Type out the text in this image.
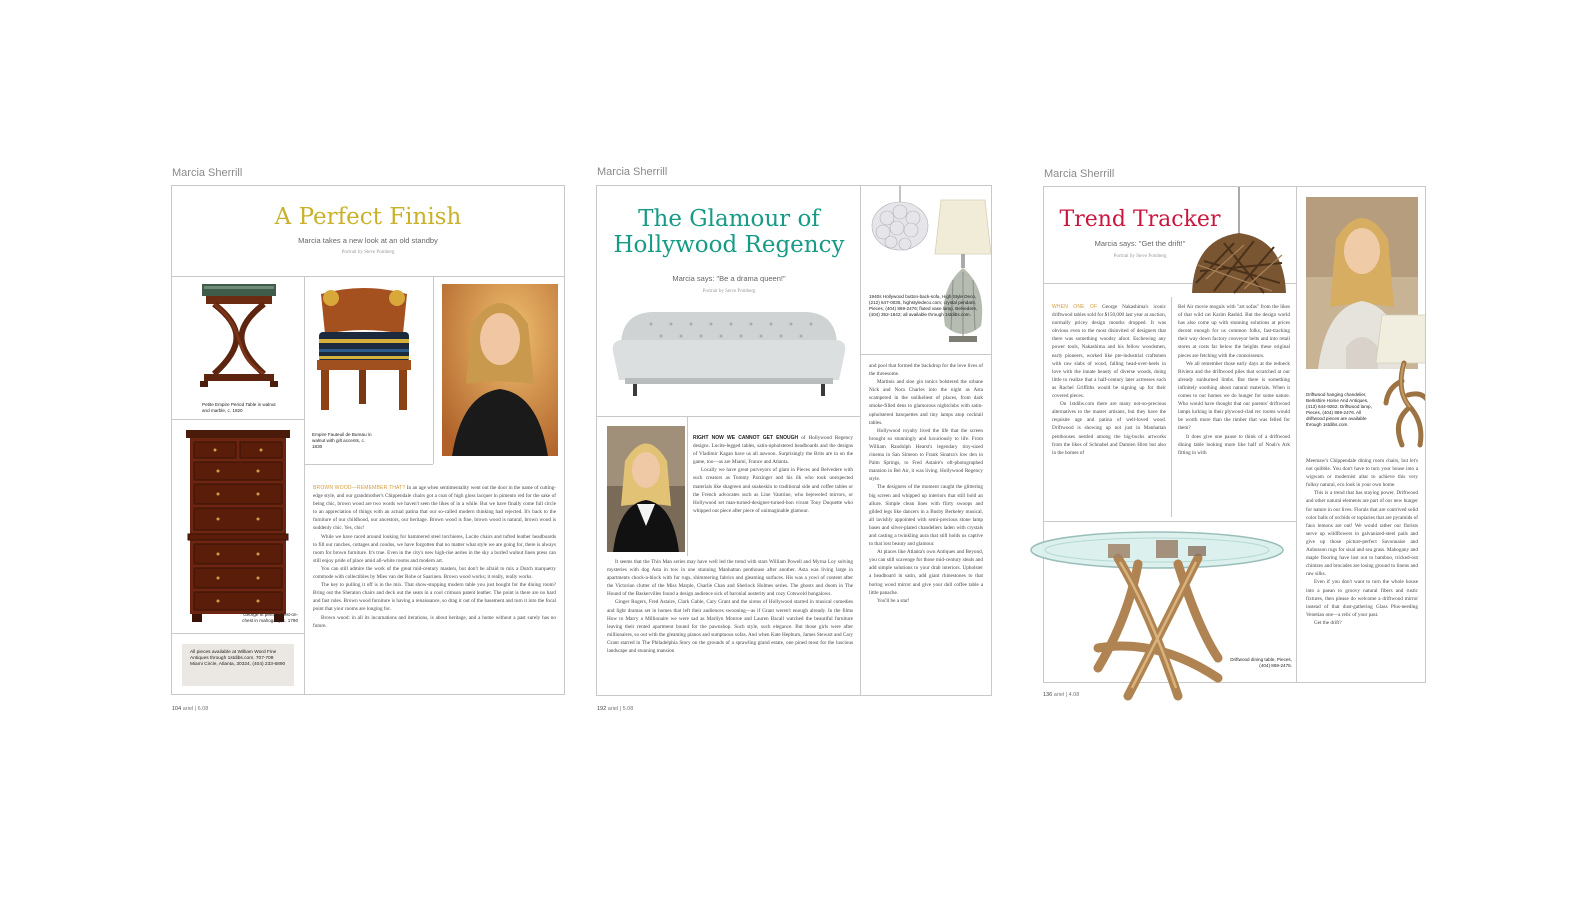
Marcia Sherrill
A Perfect Finish
Marcia takes a new look at an old standby
Portrait by Steve Pomberg
Petite Empire Period Table in walnut and marble, c. 1820
Empire Fauteuil de Bureau in walnut with gilt accents, c. 1830
George III period chest-on-chest in mahogany, c. 1790
All pieces available at William Word Fine Antiques through 1stdibs.com. 707-709 Miami Circle, Atlanta, 30324, (404) 233-6890

BROWN WOOD—REMEMBER THAT? In an age when sentimentality went out the door in the name of cutting-edge style, and our grandmother's Chippendale chairs got a coat of high gloss lacquer in pimento red for the sake of being chic, brown wood are two words we haven't seen the likes of in a while. But we have finally come full circle to an appreciation of things with an actual patina that our so-called modern thinking had rejected. It's back to the furniture of our childhood, our ancestors, our heritage. Brown wood is fine, brown wood is natural, brown wood is suddenly chic. Yes, chic!

While we have raced around looking for hammered steel torchieres, Lucite chairs and tufted leather headboards to fill our ranches, cottages and condos, we have forgotten that no matter what style we are going for, there is always room for brown furniture. It's true. Even in the city's new high-rise aeries in the sky a burled walnut linen press can still enjoy pride of place amid all-white rooms and modern art.

You can still admire the work of the great mid-century masters, but don't be afraid to mix a Dutch marquetry commode with collectibles by Mies van der Rohe or Saarinen. Brown wood works; it really, really works.

The key to pulling it off is in the mix. That show-stopping modern table you just bought for the dining room? Bring out the Sheraton chairs and deck out the seats in a cool crimson patent leather. The point is there are no hard and fast rules. Brown wood furniture is having a renaissance, so drag it out of the basement and turn it into the focal point that your rooms are longing for.

Brown wood: in all its incarnations and iterations, is about heritage, and a home without a past surely has no future.

104 ariel | 6.08
Marcia Sherrill
The Glamour of
Hollywood Regency
Marcia says: "Be a drama queen!"
Portrait by Steve Pomberg
1940s Hollywood button-back-sofa, High Style Deco, (212) 647-0035, highstyledeco.com; crystal pendant, Pieces, (404) 869-2476; fluted vase lamp, Belvedere, (404) 352-1842; all available through 1stdibs.com.

RIGHT NOW WE CANNOT GET ENOUGH of Hollywood Regency designs. Lucite-legged tables, satin-upholstered headboards and the designs of Vladimir Kagan have us all aswoon. Surprisingly the Brits are in on the game, too—as are Miami, France and Atlanta.

Locally we have great purveyors of glam in Pieces and Belvedere with such creators as Tommy Parzinger and his ilk who took unexpected materials like shagreen and snakeskin to traditional side and coffee tables or the French advocates such as Line Vautrine, who bejeweled mirrors, or Hollywood set man-turned-designer-turned-bon vivant Tony Duquette who whipped out piece after piece of unimaginable glamour.

It seems that the Thin Man series may have well led the trend with stars William Powell and Myrna Loy solving mysteries with dog Asta in tow in one stunning Manhattan penthouse after another. Asta was living large in apartments chock-a-block with fur rugs, shimmering fabrics and gleaming surfaces. His was a yowl of content after the Victorian clutter of the Miss Marple, Charlie Chan and Sherlock Holmes series. The ghosts and doom in The Hound of the Baskervilles found a design audience sick of baronial austerity and cozy Cotswold bungalows.

Ginger Rogers, Fred Astaire, Clark Gable, Cary Grant and the sirens of Hollywood starred in musical comedies and light dramas set in homes that left their audiences swooning—as if Grant weren't enough already. In the films How to Marry a Millionaire we were sad as Marilyn Monroe and Lauren Bacall watched the beautiful furniture leaving their rented apartment bound for the pawnshop. Such style, such elegance. But those girls were after millionaires, so out with the gleaming pianos and sumptuous sofas. And when Kate Hepburn, James Stewart and Cary Grant starred in The Philadelphia Story on the grounds of a sprawling grand estate, one pined most for the luscious landscape and stunning mansion

and pool that formed the backdrop for the love lives of the threesome.

Martinis and sloe gin tonics bolstered the urbane Nick and Nora Charles into the night as Asta scampered in the unlikeliest of places, from dark smoke-filled dens to glamorous nightclubs with satin-upholstered banquettes and tiny lamps atop cocktail tables.

Hollywood royalty lived the life that the screen brought so stunningly and luxuriously to life. From William Randolph Hearst's legendary tiny-sized cinema in San Simeon to Frank Sinatra's low den in Palm Springs, to Fred Astaire's oft-photographed mansion in Bel Air, it was living. Hollywood Regency style.

The designers of the moment caught the glittering big screen and whipped up interiors that still hold an allure. Simple clean lines with flirty swoops and gilded legs like dancers in a Busby Berkeley musical, all lavishly appointed with semi-precious stone lamp bases and silver-plated chandeliers laden with crystals and casting a twinkling aura that still holds us captive to that lost beauty and glamour.

At places like Atlanta's own Antiques and Beyond, you can still scavenge for those mid-century steals and add simple solutions to your drab interiors. Upholster a headboard in satin, add giant rhinestones to that boring wood mirror and give your dull coffee table a little panache.

You'll be a star!

192 ariel | 5.08
Marcia Sherrill
Trend Tracker
Marcia says: "Get the drift!"
Portrait by Steve Pomberg
Driftwood hanging chandelier, Berkshire Home And Antiques, (413) 644-9262. Driftwood lamp, Pieces, (404) 869-2476. All driftwood pieces are available through 1stdibs.com.

WHEN ONE OF George Nakashima's iconic driftwood tables sold for $150,000 last year at auction, normally pricey design mouths dropped. It was obvious even to the most disinvited of designers that there was something woodsy afoot. Eschewing any power tools, Nakashima and his fellow woodsmen, early pioneers, worked like pre-industrial craftsmen with raw slabs of wood, falling head-over-heels in love with the innate beauty of diverse woods, doing little to realize that a half-century later actresses such as Rachel Griffiths would be signing up for their covered pieces.

On 1stdibs.com there are many not-so-precious alternatives to the master artisans, but they have the requisite age and patina of well-loved wood. Driftwood is showing up not just in Manhattan penthouses nestled among the big-bucks artworks from the likes of Schnabel and Damien Hirst but also in the homes of

Bel Air movie moguls with "art sofas" from the likes of that wild cat Karim Rashid. But the design world has also come up with stunning solutions at prices decent enough for us common folks, fast-tracking their way down factory conveyor belts and into retail stores at costs far below the heights these original pieces are fetching with the connoisseurs.

We all remember those early days at the redneck Riviera and the driftwood piles that scratched at our already sunburned limbs. But there is something infinitely soothing about natural materials. When it comes to our homes we do hunger for some nature. Who would have thought that our parents' driftwood lamps lurking in their plywood-clad rec rooms would be worth more than the timber that was felled for them?

It does give one pause to think of a driftwood dining table looking more like half of Noah's Ark fitting in with

Meemaw's Chippendale dining room chairs, but let's not quibble. You don't have to turn your house into a wigwam or modernist altar to achieve this very folksy natural, eco look in your own home.

This is a trend that has staying power. Driftwood and other natural elements are part of our new hunger for nature in our lives. Florals that are contrived solid color balls of orchids or topiaries that are pyramids of faux lemons are out! We would rather our florists serve up wildflowers in galvanized-steel pails and give up those picture-perfect Savonnaise and Aubusson rugs for sisal and sea grass. Mahogany and maple flooring have lost out to bamboo, tricked-out chintzes and brocades are losing ground to linens and raw silks.

Even if you don't want to turn the whole house into a paean to groovy natural fibers and rustic fixtures, then please do welcome a driftwood mirror instead of that dust-gathering Glass Plus-needing Venetian one—a relic of your past.

Get the drift?

Driftwood dining table, Pieces, (404) 869-2476.
136 ariel | 4.08
